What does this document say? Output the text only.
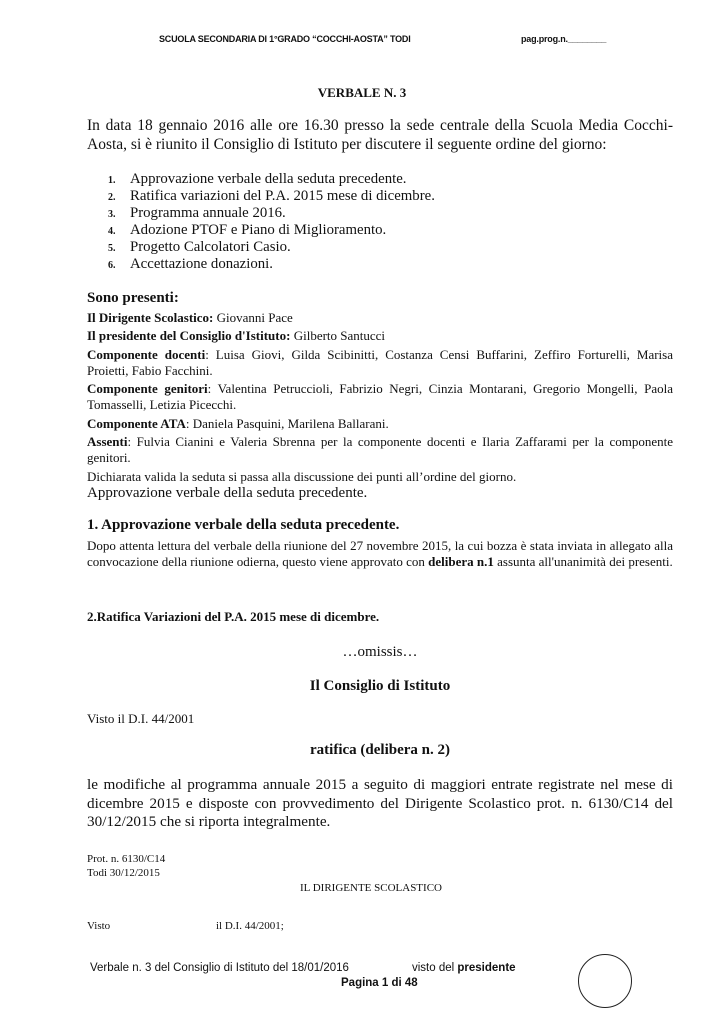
SCUOLA SECONDARIA DI 1°GRADO “COCCHI-AOSTA” TODI	pag.prog.n.________
VERBALE N. 3
In data 18 gennaio 2016 alle ore 16.30 presso la sede centrale della Scuola Media Cocchi-Aosta, si è riunito il Consiglio di Istituto per discutere il seguente ordine del giorno:
1. Approvazione verbale della seduta precedente.
2. Ratifica variazioni del P.A. 2015 mese di dicembre.
3. Programma annuale 2016.
4. Adozione PTOF e Piano di Miglioramento.
5. Progetto Calcolatori Casio.
6. Accettazione donazioni.
Sono presenti:
Il Dirigente Scolastico: Giovanni Pace
Il presidente del Consiglio d'Istituto: Gilberto Santucci
Componente docenti: Luisa Giovi, Gilda Scibinitti, Costanza Censi Buffarini, Zeffiro Forturelli, Marisa Proietti, Fabio Facchini.
Componente genitori: Valentina Petruccioli, Fabrizio Negri, Cinzia Montarani, Gregorio Mongelli, Paola Tomasselli, Letizia Picecchi.
Componente ATA: Daniela Pasquini, Marilena Ballarani.
Assenti: Fulvia Cianini e Valeria Sbrenna per la componente docenti e Ilaria Zaffarami per la componente genitori.
Dichiarata valida la seduta si passa alla discussione dei punti all’ordine del giorno.
Approvazione verbale della seduta precedente.
1. Approvazione verbale della seduta precedente.
Dopo attenta lettura del verbale della riunione del 27 novembre 2015, la cui bozza è stata inviata in allegato alla convocazione della riunione odierna, questo viene approvato con delibera n.1 assunta all'unanimità dei presenti.
2.Ratifica Variazioni del P.A. 2015 mese di dicembre.
…omissis…
Il Consiglio di Istituto
Visto il D.I. 44/2001
ratifica (delibera n. 2)
le modifiche al programma annuale 2015 a seguito di maggiori entrate registrate nel mese di dicembre 2015 e disposte con provvedimento del Dirigente Scolastico prot. n. 6130/C14 del 30/12/2015 che si riporta integralmente.
Prot. n. 6130/C14
Todi 30/12/2015
IL DIRIGENTE SCOLASTICO
Visto	il D.I. 44/2001;
Verbale n. 3 del Consiglio di Istituto del 18/01/2016	visto del presidente
Pagina 1 di 48
